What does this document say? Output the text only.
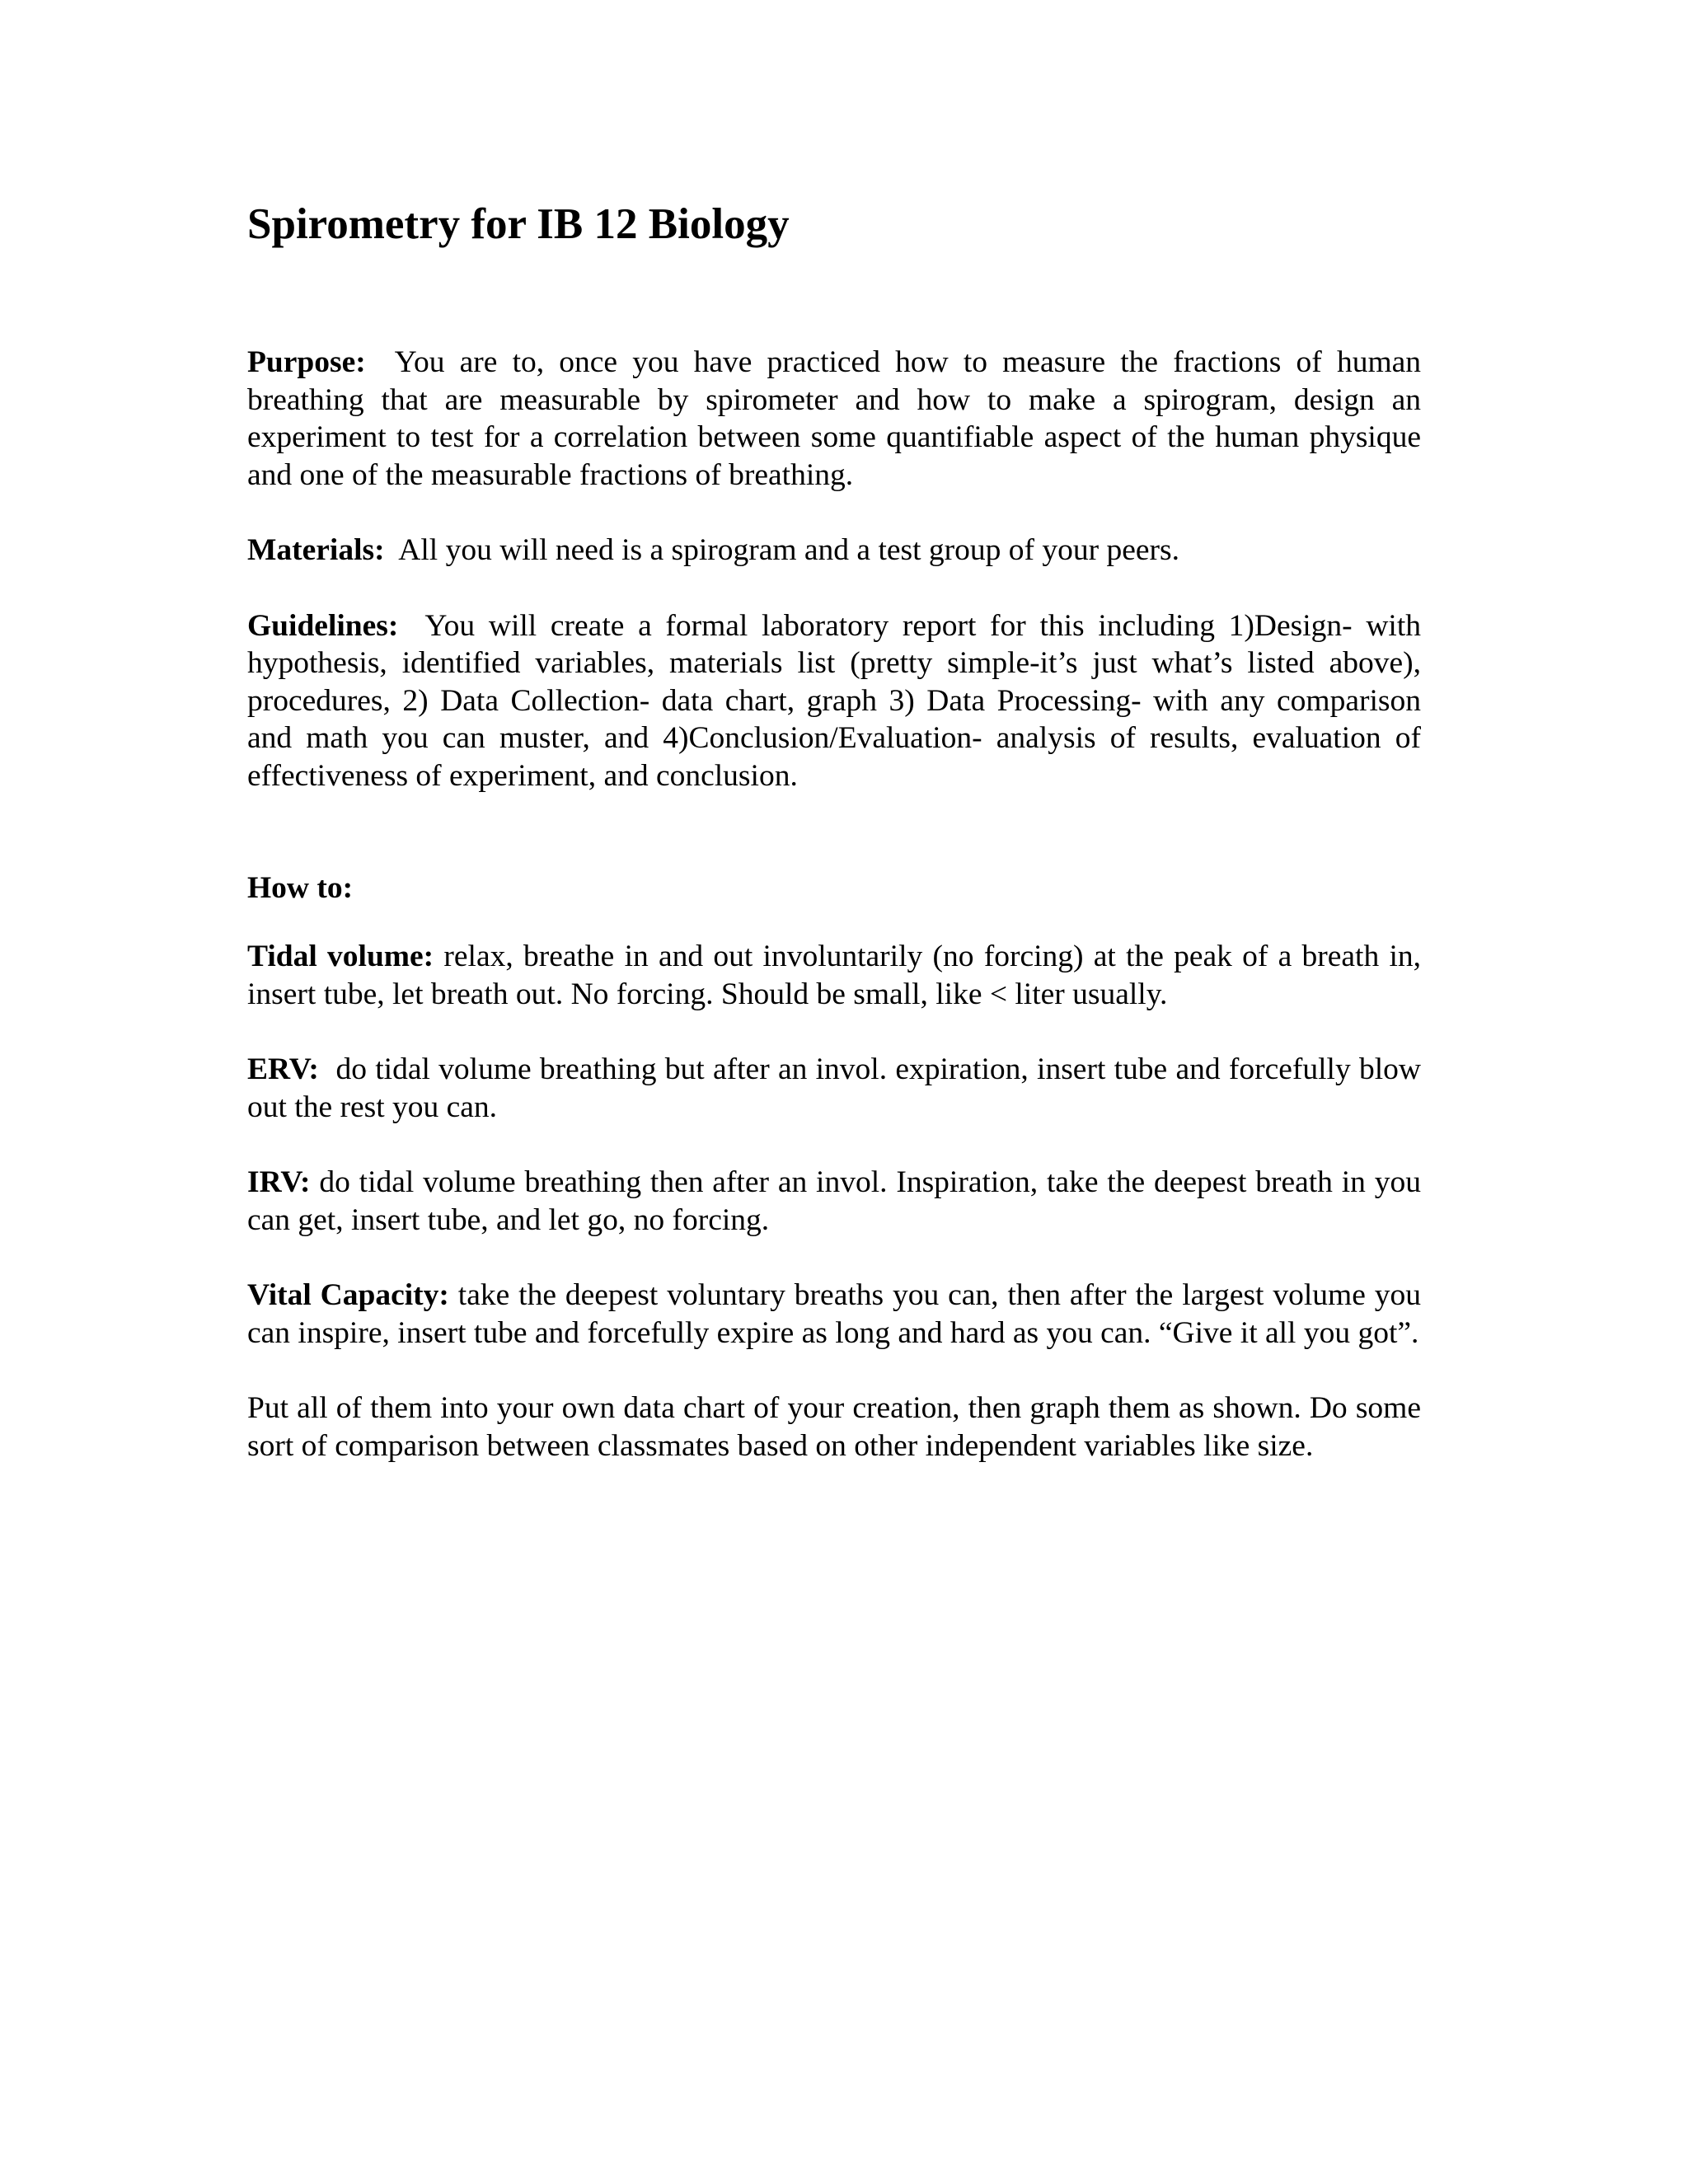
Spirometry for IB 12 Biology

Purpose: You are to, once you have practiced how to measure the fractions of human breathing that are measurable by spirometer and how to make a spirogram, design an experiment to test for a correlation between some quantifiable aspect of the human physique and one of the measurable fractions of breathing.

Materials: All you will need is a spirogram and a test group of your peers.

Guidelines: You will create a formal laboratory report for this including 1)Design- with hypothesis, identified variables, materials list (pretty simple-it’s just what’s listed above), procedures, 2) Data Collection- data chart, graph 3) Data Processing- with any comparison and math you can muster, and 4)Conclusion/Evaluation- analysis of results, evaluation of effectiveness of experiment, and conclusion.

How to:

Tidal volume: relax, breathe in and out involuntarily (no forcing) at the peak of a breath in, insert tube, let breath out. No forcing. Should be small, like < liter usually.

ERV: do tidal volume breathing but after an invol. expiration, insert tube and forcefully blow out the rest you can.

IRV: do tidal volume breathing then after an invol. Inspiration, take the deepest breath in you can get, insert tube, and let go, no forcing.

Vital Capacity: take the deepest voluntary breaths you can, then after the largest volume you can inspire, insert tube and forcefully expire as long and hard as you can. “Give it all you got”.

Put all of them into your own data chart of your creation, then graph them as shown. Do some sort of comparison between classmates based on other independent variables like size.
